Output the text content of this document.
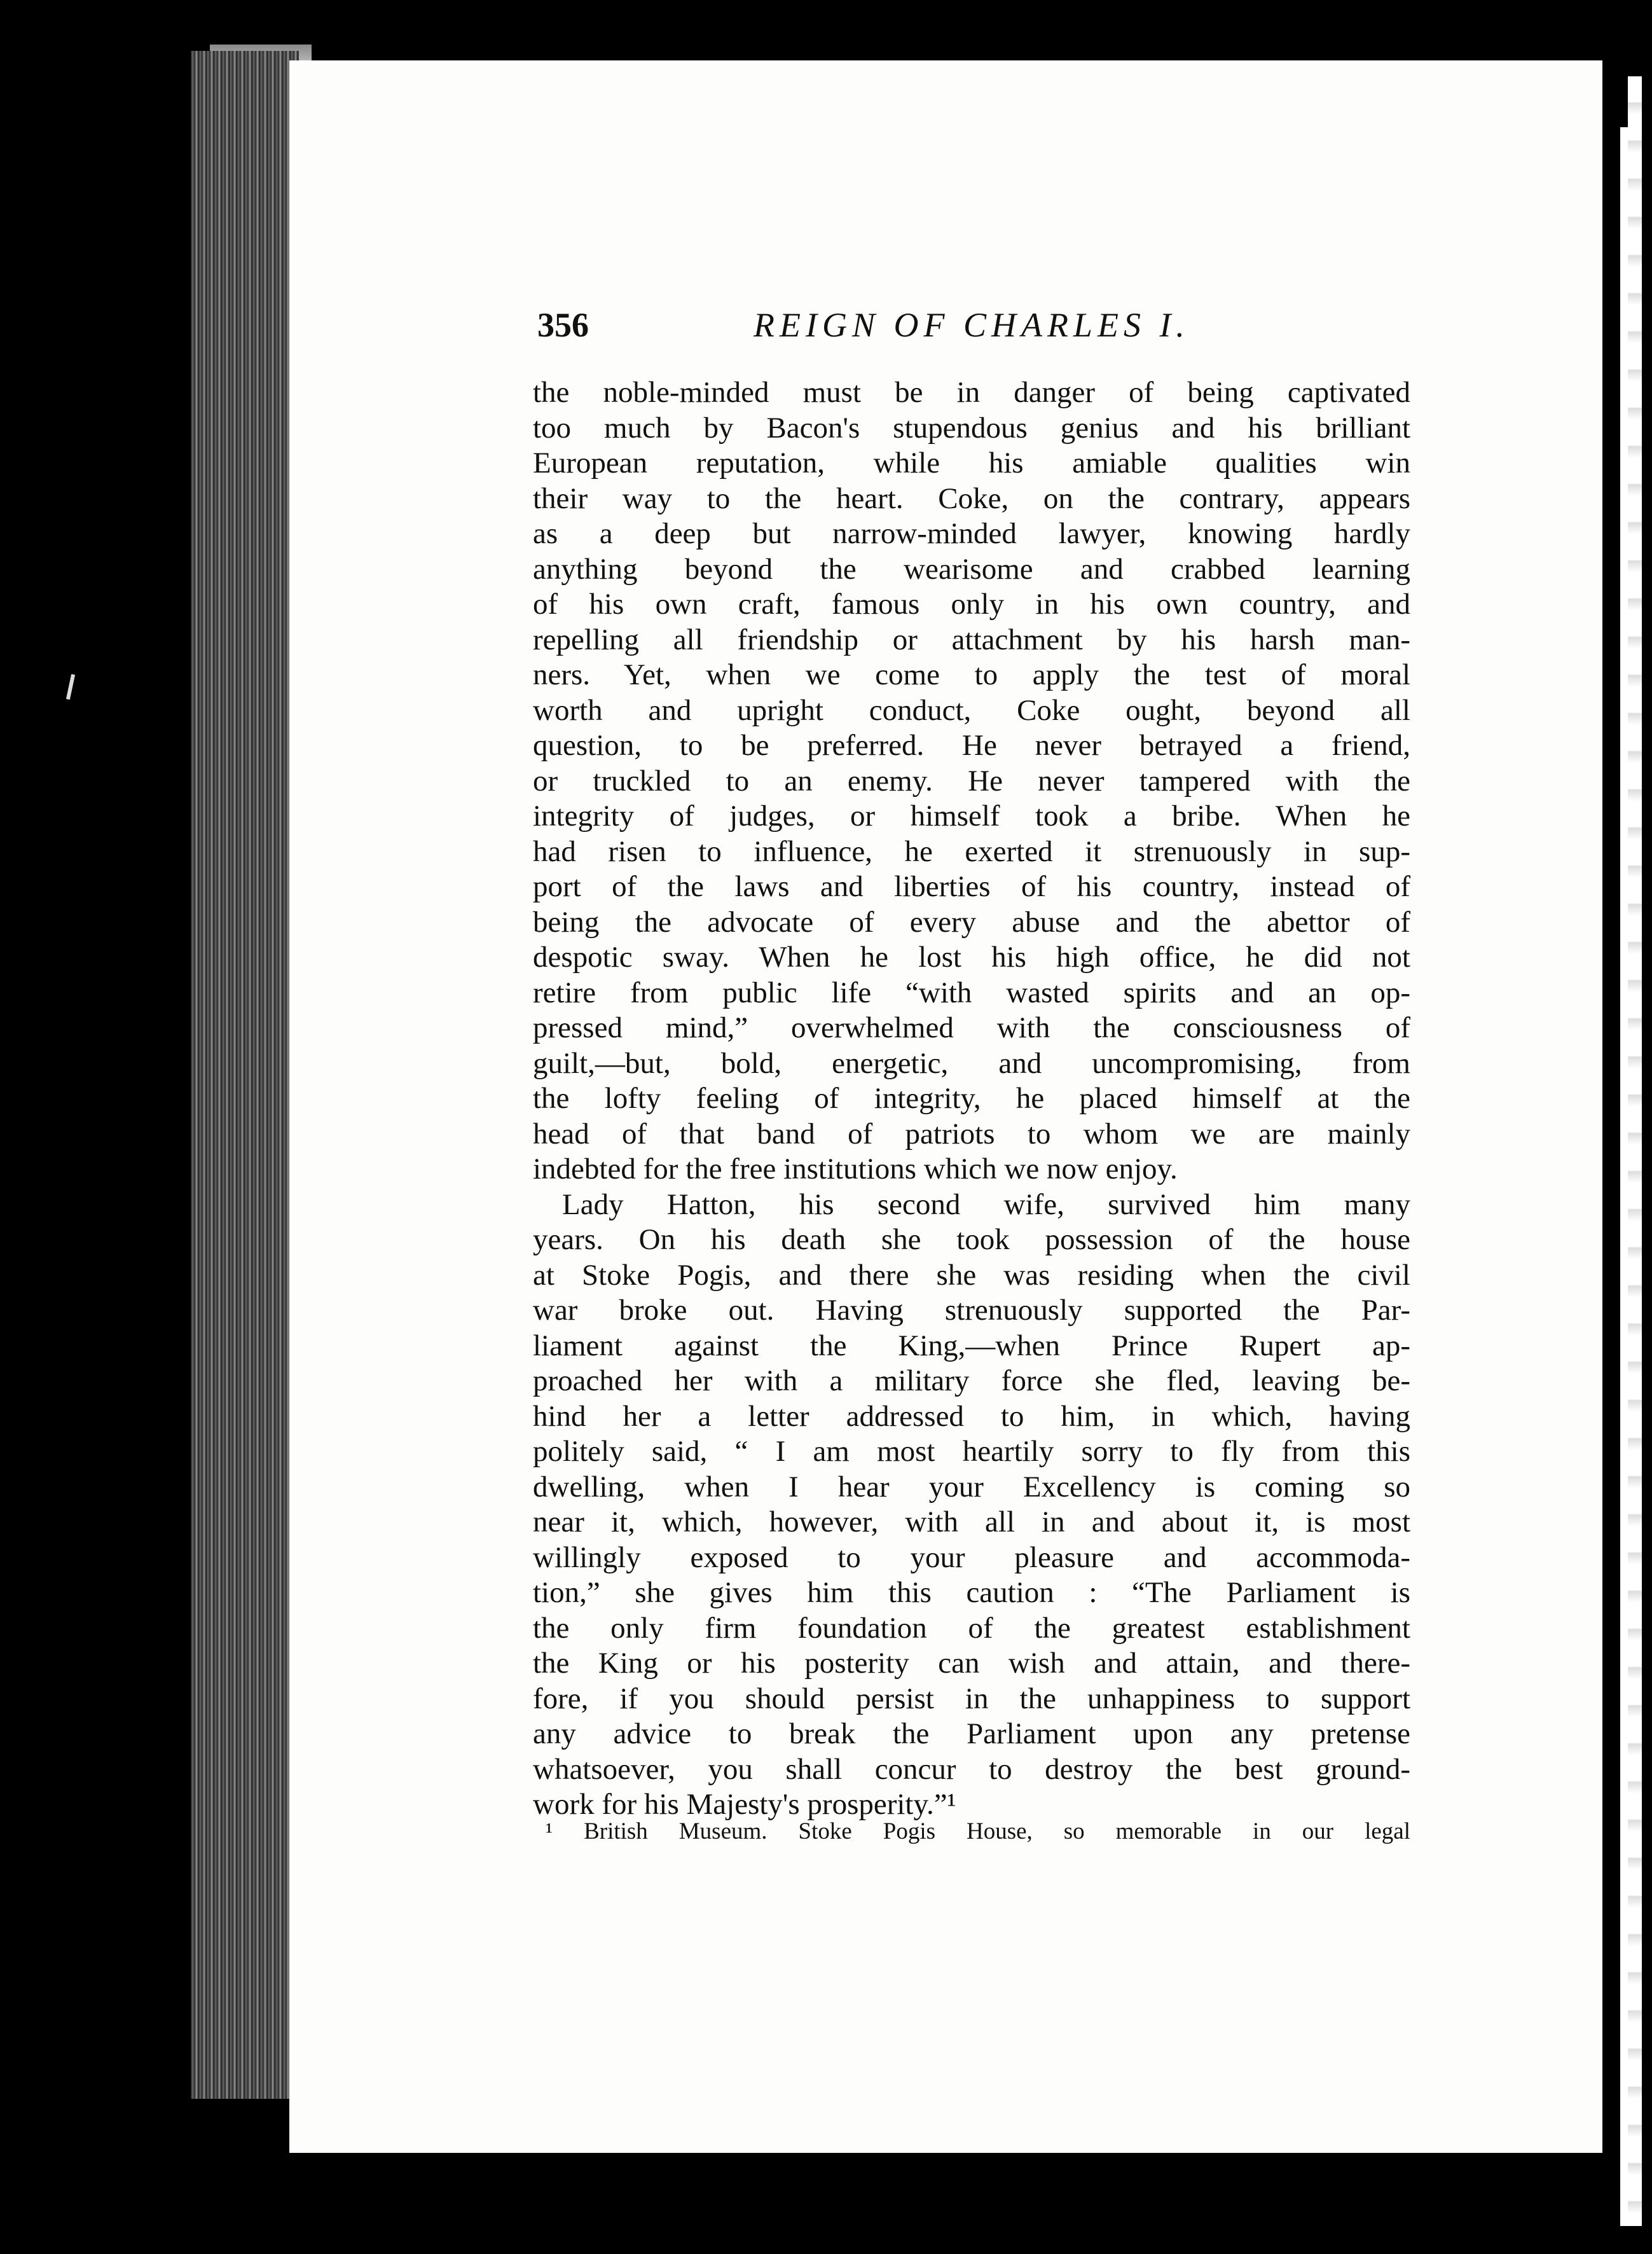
356	REIGN OF CHARLES I.
the noble-minded must be in danger of being captivated
too much by Bacon's stupendous genius and his brilliant
European reputation, while his amiable qualities win
their way to the heart. Coke, on the contrary, appears
as a deep but narrow-minded lawyer, knowing hardly
anything beyond the wearisome and crabbed learning
of his own craft, famous only in his own country, and
repelling all friendship or attachment by his harsh man-
ners. Yet, when we come to apply the test of moral
worth and upright conduct, Coke ought, beyond all
question, to be preferred. He never betrayed a friend,
or truckled to an enemy. He never tampered with the
integrity of judges, or himself took a bribe. When he
had risen to influence, he exerted it strenuously in sup-
port of the laws and liberties of his country, instead of
being the advocate of every abuse and the abettor of
despotic sway. When he lost his high office, he did not
retire from public life “with wasted spirits and an op-
pressed mind,” overwhelmed with the consciousness of
guilt,—but, bold, energetic, and uncompromising, from
the lofty feeling of integrity, he placed himself at the
head of that band of patriots to whom we are mainly
indebted for the free institutions which we now enjoy.
Lady Hatton, his second wife, survived him many
years. On his death she took possession of the house
at Stoke Pogis, and there she was residing when the civil
war broke out. Having strenuously supported the Par-
liament against the King,—when Prince Rupert ap-
proached her with a military force she fled, leaving be-
hind her a letter addressed to him, in which, having
politely said, “ I am most heartily sorry to fly from this
dwelling, when I hear your Excellency is coming so
near it, which, however, with all in and about it, is most
willingly exposed to your pleasure and accommoda-
tion,” she gives him this caution : “The Parliament is
the only firm foundation of the greatest establishment
the King or his posterity can wish and attain, and there-
fore, if you should persist in the unhappiness to support
any advice to break the Parliament upon any pretense
whatsoever, you shall concur to destroy the best ground-
work for his Majesty's prosperity.”¹
¹ British Museum. Stoke Pogis House, so memorable in our legal
